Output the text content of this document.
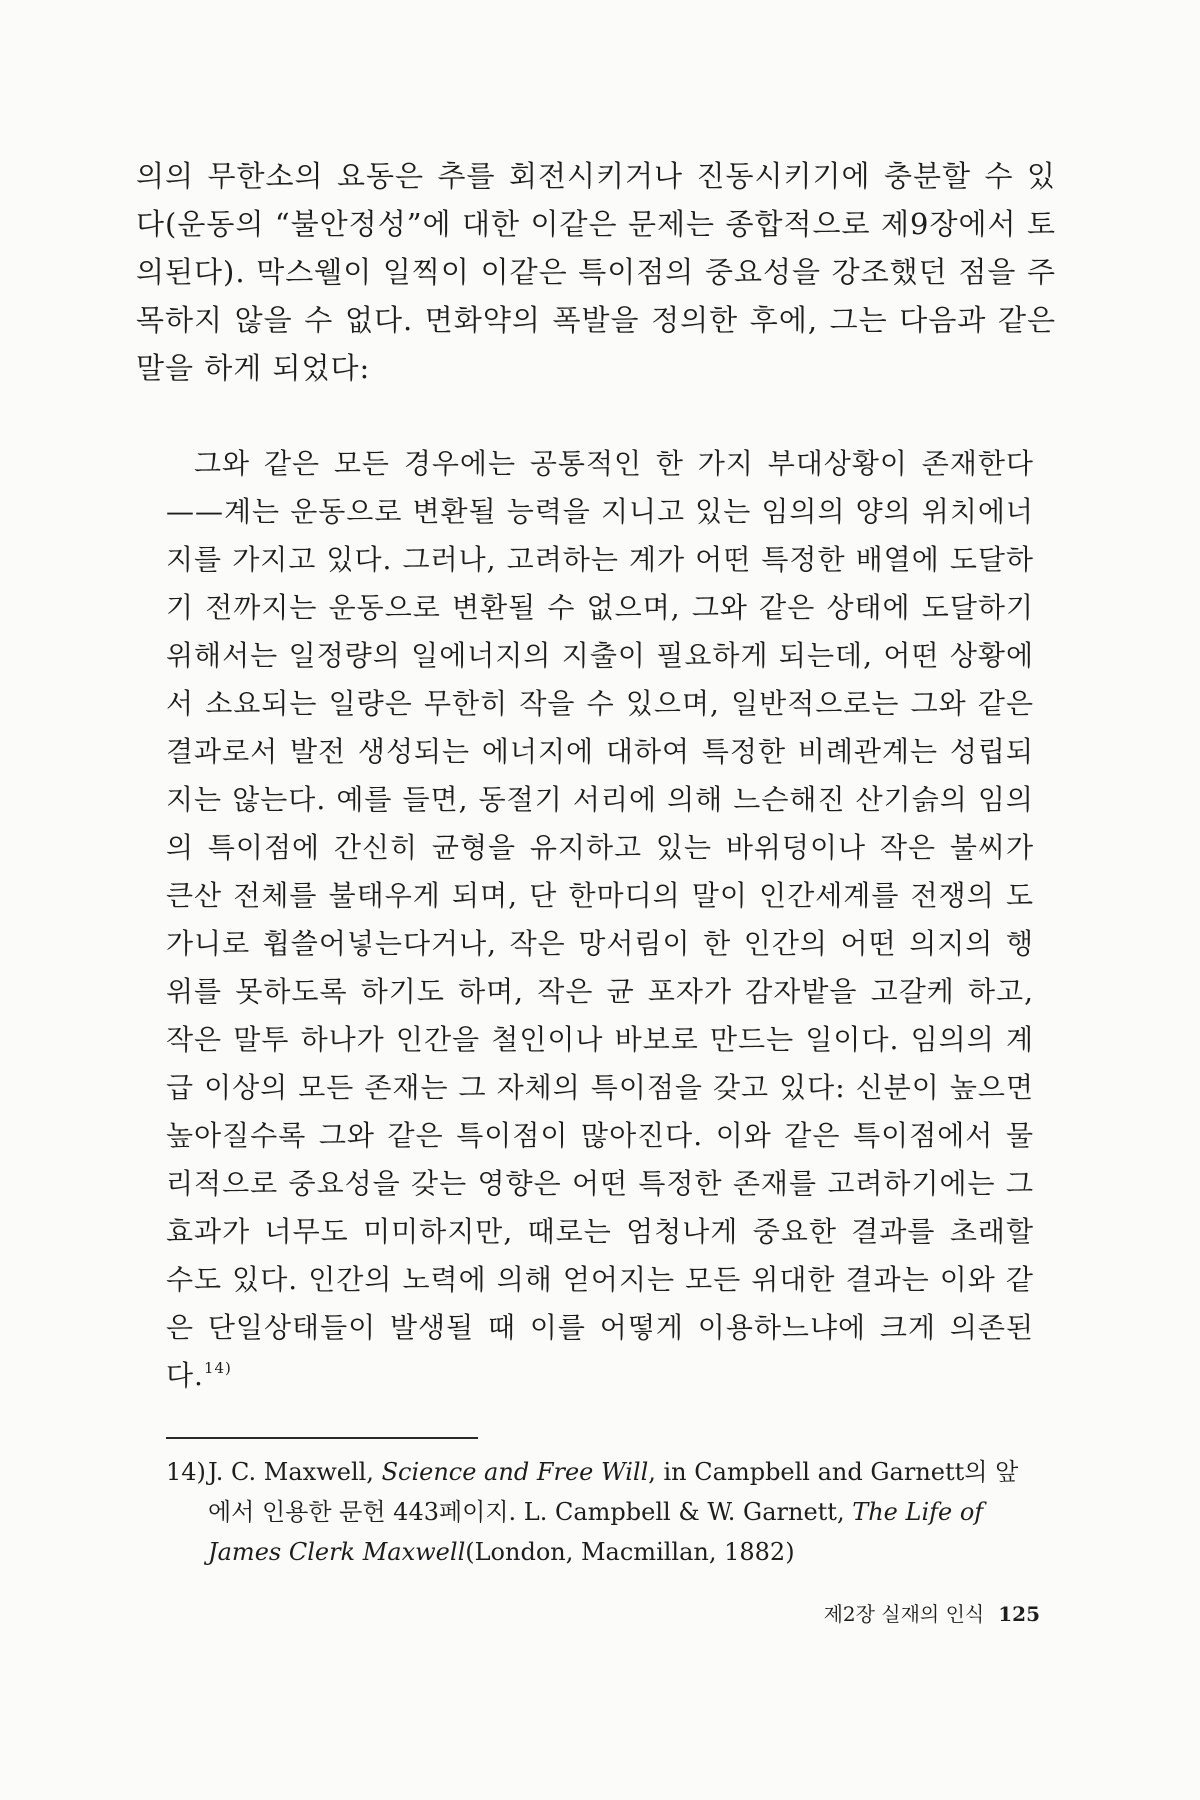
의의 무한소의 요동은 추를 회전시키거나 진동시키기에 충분할 수 있다(운동의 “불안정성”에 대한 이같은 문제는 종합적으로 제9장에서 토의된다). 막스웰이 일찍이 이같은 특이점의 중요성을 강조했던 점을 주목하지 않을 수 없다. 면화약의 폭발을 정의한 후에, 그는 다음과 같은 말을 하게 되었다:

그와 같은 모든 경우에는 공통적인 한 가지 부대상황이 존재한다——계는 운동으로 변환될 능력을 지니고 있는 임의의 양의 위치에너지를 가지고 있다. 그러나, 고려하는 계가 어떤 특정한 배열에 도달하기 전까지는 운동으로 변환될 수 없으며, 그와 같은 상태에 도달하기 위해서는 일정량의 일에너지의 지출이 필요하게 되는데, 어떤 상황에서 소요되는 일량은 무한히 작을 수 있으며, 일반적으로는 그와 같은 결과로서 발전 생성되는 에너지에 대하여 특정한 비례관계는 성립되지는 않는다. 예를 들면, 동절기 서리에 의해 느슨해진 산기슭의 임의의 특이점에 간신히 균형을 유지하고 있는 바위덩이나 작은 불씨가 큰산 전체를 불태우게 되며, 단 한마디의 말이 인간세계를 전쟁의 도가니로 휩쓸어넣는다거나, 작은 망서림이 한 인간의 어떤 의지의 행위를 못하도록 하기도 하며, 작은 균 포자가 감자밭을 고갈케 하고, 작은 말투 하나가 인간을 철인이나 바보로 만드는 일이다. 임의의 계급 이상의 모든 존재는 그 자체의 특이점을 갖고 있다: 신분이 높으면 높아질수록 그와 같은 특이점이 많아진다. 이와 같은 특이점에서 물리적으로 중요성을 갖는 영향은 어떤 특정한 존재를 고려하기에는 그 효과가 너무도 미미하지만, 때로는 엄청나게 중요한 결과를 초래할 수도 있다. 인간의 노력에 의해 얻어지는 모든 위대한 결과는 이와 같은 단일상태들이 발생될 때 이를 어떻게 이용하느냐에 크게 의존된다.$^{14)}$

14)J. C. Maxwell, Science and Free Will, in Campbell and Garnett의 앞
에서 인용한 문헌 443페이지. L. Campbell & W. Garnett, The Life of
James Clerk Maxwell(London, Macmillan, 1882)

제2장 실재의 인식 125
